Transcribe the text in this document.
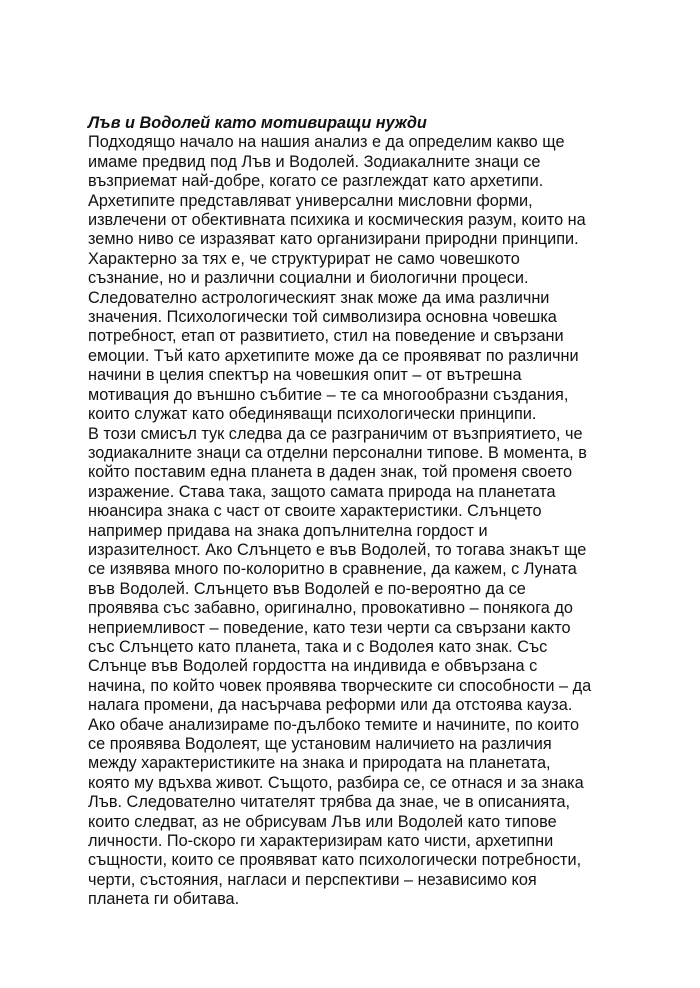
Лъв и Водолей като мотивиращи нужди

Подходящо начало на нашия анализ е да определим какво ще
имаме предвид под Лъв и Водолей. Зодиакалните знаци се
възприемат най-добре, когато се разглеждат като архетипи.
Архетипите представляват универсални мисловни форми,
извлечени от обективната психика и космическия разум, които на
земно ниво се изразяват като организирани природни принципи.
Характерно за тях е, че структурират не само човешкото
съзнание, но и различни социални и биологични процеси.
Следователно астрологическият знак може да има различни
значения. Психологически той символизира основна човешка
потребност, етап от развитието, стил на поведение и свързани
емоции. Тъй като архетипите може да се проявяват по различни
начини в целия спектър на човешкия опит – от вътрешна
мотивация до външно събитие – те са многообразни създания,
които служат като обединяващи психологически принципи.
В този смисъл тук следва да се разграничим от възприятието, че
зодиакалните знаци са отделни персонални типове. В момента, в
който поставим една планета в даден знак, той променя своето
изражение. Става така, защото самата природа на планетата
нюансира знака с част от своите характеристики. Слънцето
например придава на знака допълнителна гордост и
изразителност. Ако Слънцето е във Водолей, то тогава знакът ще
се изявява много по-колоритно в сравнение, да кажем, с Луната
във Водолей. Слънцето във Водолей е по-вероятно да се
проявява със забавно, оригинално, провокативно – понякога до
неприемливост – поведение, като тези черти са свързани както
със Слънцето като планета, така и с Водолея като знак. Със
Слънце във Водолей гордостта на индивида е обвързана с
начина, по който човек проявява творческите си способности – да
налага промени, да насърчава реформи или да отстоява кауза.
Ако обаче анализираме по-дълбоко темите и начините, по които
се проявява Водолеят, ще установим наличието на различия
между характеристиките на знака и природата на планетата,
която му вдъхва живот. Същото, разбира се, се отнася и за знака
Лъв. Следователно читателят трябва да знае, че в описанията,
които следват, аз не обрисувам Лъв или Водолей като типове
личности. По-скоро ги характеризирам като чисти, архетипни
същности, които се проявяват като психологически потребности,
черти, състояния, нагласи и перспективи – независимо коя
планета ги обитава.
